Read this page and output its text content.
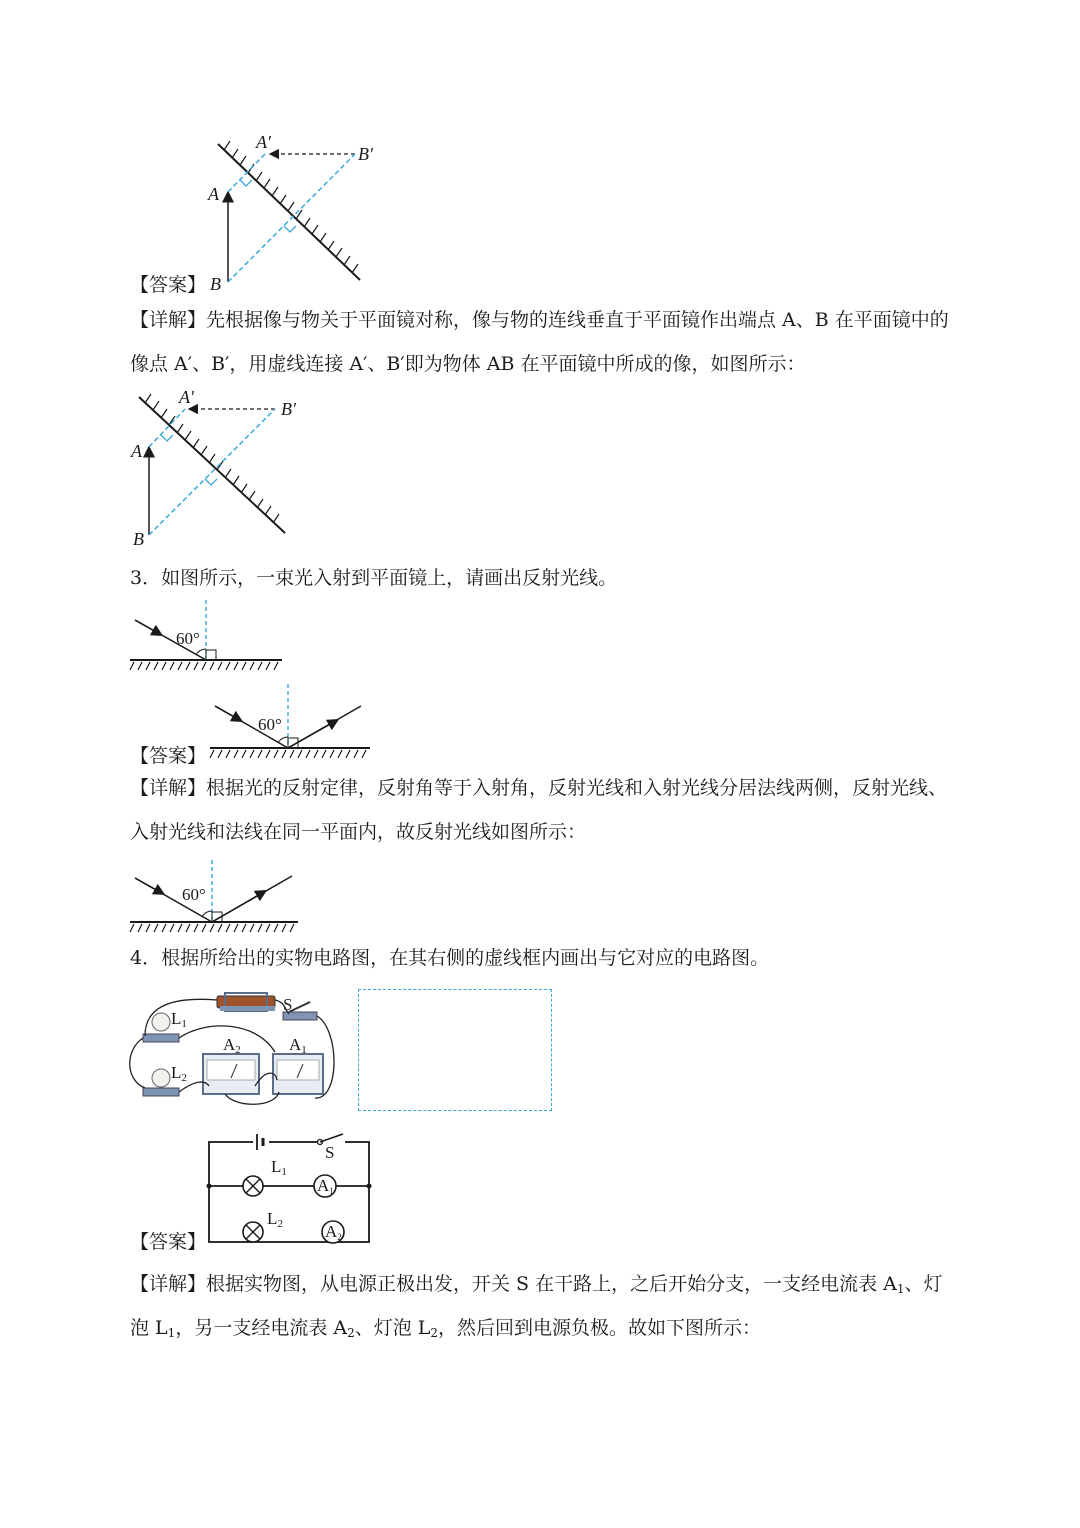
A
B
A′
B′
【答案】
【详解】先根据像与物关于平面镜对称，像与物的连线垂直于平面镜作出端点 A、B 在平面镜中的
像点 A′、B′，用虚线连接 A′、B′即为物体 AB 在平面镜中所成的像，如图所示：
A
B
A′
B′
3．如图所示，一束光入射到平面镜上，请画出反射光线。
60°
60°
【答案】
【详解】根据光的反射定律，反射角等于入射角，反射光线和入射光线分居法线两侧，反射光线、
入射光线和法线在同一平面内，故反射光线如图所示：
60°
4．根据所给出的实物电路图，在其右侧的虚线框内画出与它对应的电路图。
S
L1
L2
A2	A1
S
L1
A1
L2 A2
【答案】
【详解】根据实物图，从电源正极出发，开关 S 在干路上，之后开始分支，一支经电流表 $A_1$、灯
泡 $L_1$，另一支经电流表 $A_2$、灯泡 $L_2$，然后回到电源负极。故如下图所示：
